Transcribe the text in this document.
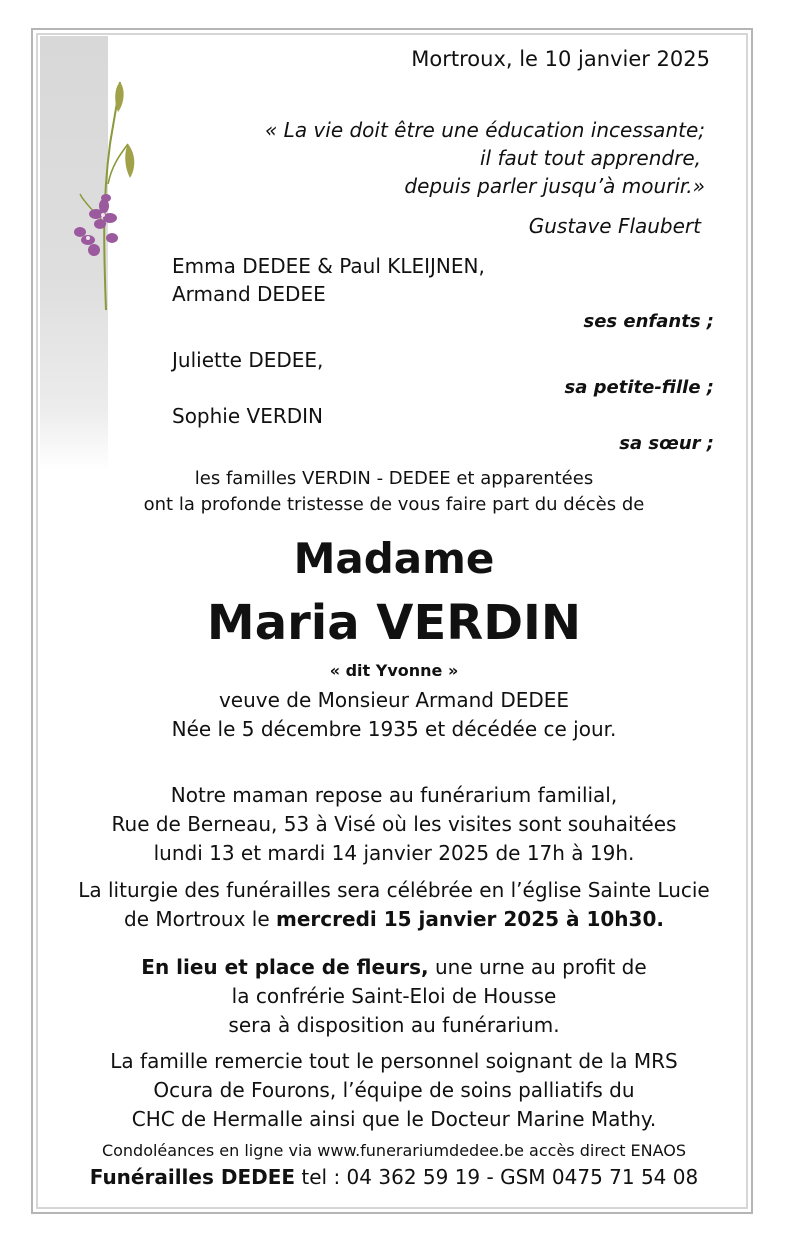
Mortroux, le 10 janvier 2025
« La vie doit être une éducation incessante;
il faut tout apprendre,
depuis parler jusqu’à mourir.»
Gustave Flaubert
Emma DEDEE & Paul KLEIJNEN,
Armand DEDEE
ses enfants ;
Juliette DEDEE,
sa petite-fille ;
Sophie VERDIN
sa sœur ;
les familles VERDIN - DEDEE et apparentées
ont la profonde tristesse de vous faire part du décès de
Madame
Maria VERDIN
« dit Yvonne »
veuve de Monsieur Armand DEDEE
Née le 5 décembre 1935 et décédée ce jour.
Notre maman repose au funérarium familial,
Rue de Berneau, 53 à Visé où les visites sont souhaitées
lundi 13 et mardi 14 janvier 2025 de 17h à 19h.
La liturgie des funérailles sera célébrée en l’église Sainte Lucie
de Mortroux le mercredi 15 janvier 2025 à 10h30.
En lieu et place de fleurs, une urne au profit de
la confrérie Saint-Eloi de Housse
sera à disposition au funérarium.
La famille remercie tout le personnel soignant de la MRS
Ocura de Fourons, l’équipe de soins palliatifs du
CHC de Hermalle ainsi que le Docteur Marine Mathy.
Condoléances en ligne via www.funerariumdedee.be accès direct ENAOS
Funérailles DEDEE tel : 04 362 59 19 - GSM 0475 71 54 08
